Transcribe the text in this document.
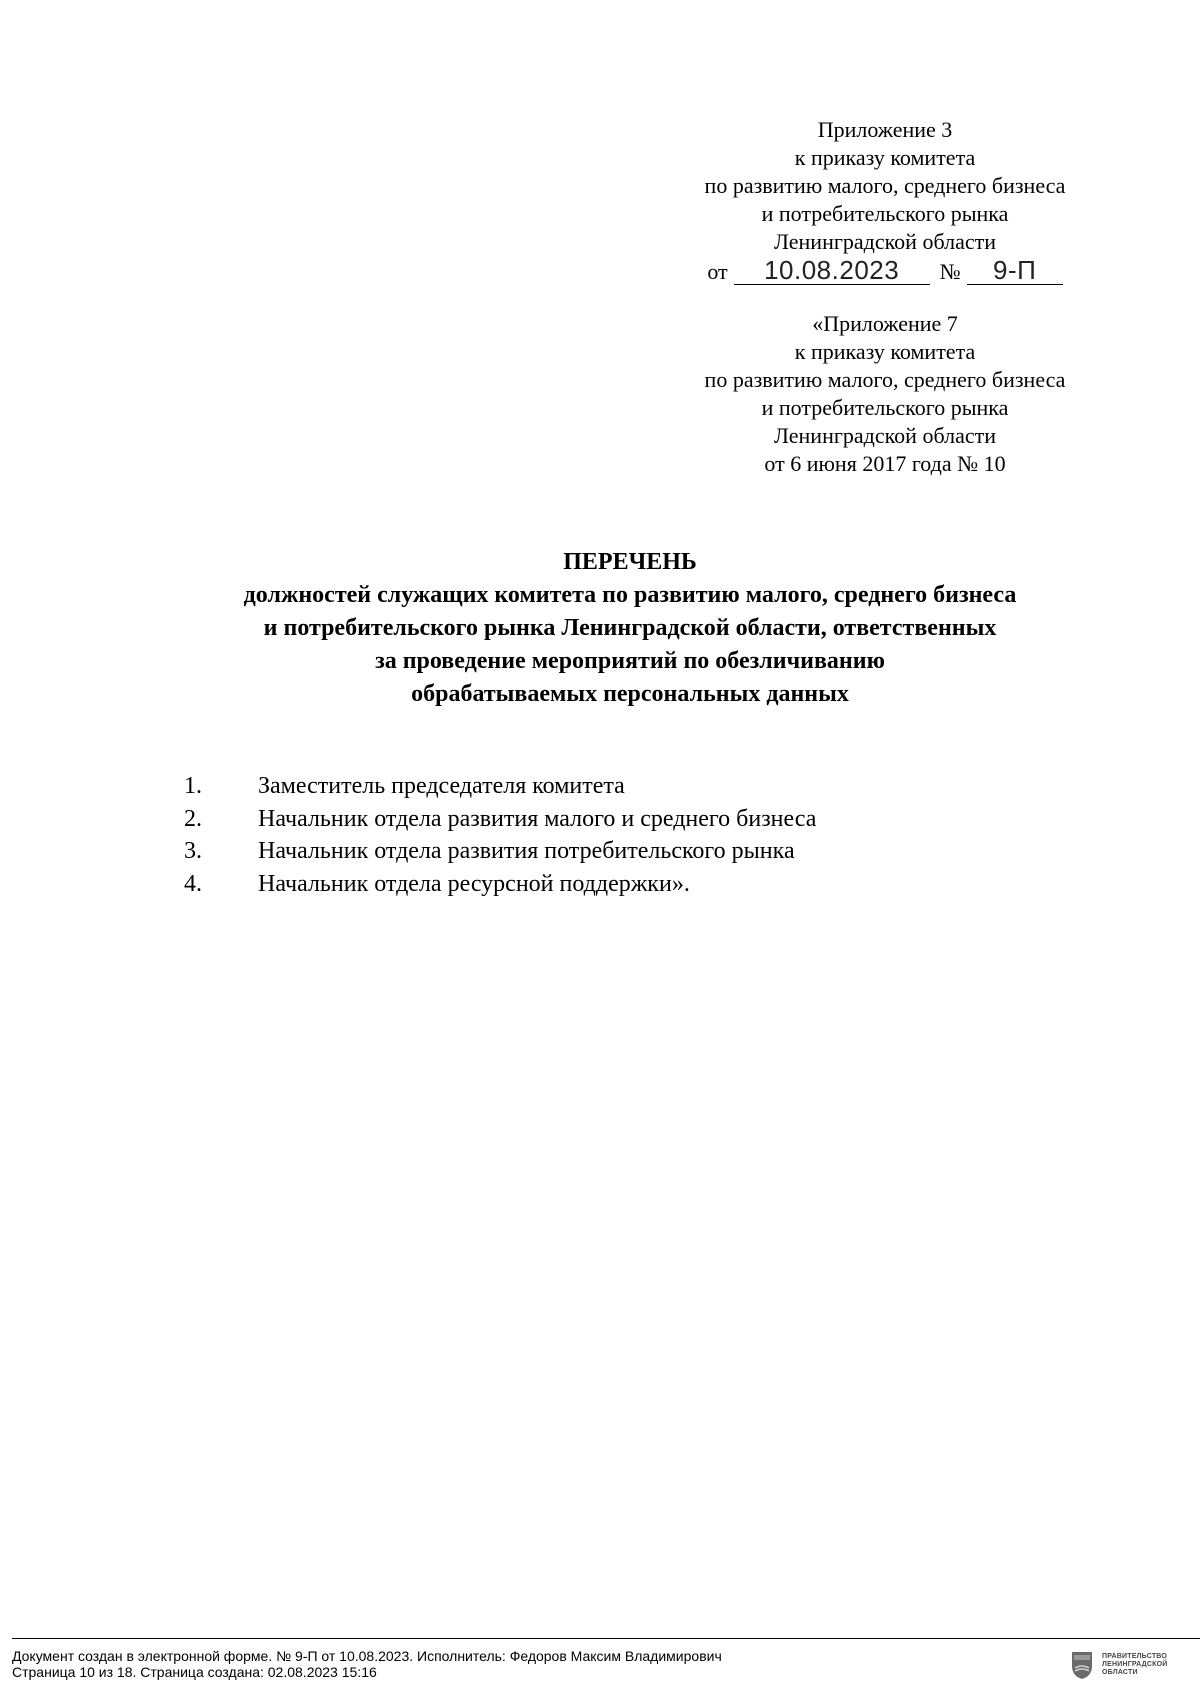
Приложение 3
к приказу комитета
по развитию малого, среднего бизнеса
и потребительского рынка
Ленинградской области
от 10.08.2023 № 9-П
«Приложение 7
к приказу комитета
по развитию малого, среднего бизнеса
и потребительского рынка
Ленинградской области
от 6 июня 2017 года № 10
ПЕРЕЧЕНЬ
должностей служащих комитета по развитию малого, среднего бизнеса
и потребительского рынка Ленинградской области, ответственных
за проведение мероприятий по обезличиванию
обрабатываемых персональных данных
1.	Заместитель председателя комитета
2.	Начальник отдела развития малого и среднего бизнеса
3.	Начальник отдела развития потребительского рынка
4.	Начальник отдела ресурсной поддержки».
Документ создан в электронной форме. № 9-П от 10.08.2023. Исполнитель: Федоров Максим Владимирович
Страница 10 из 18. Страница создана: 02.08.2023 15:16
ПРАВИТЕЛЬСТВО
ЛЕНИНГРАДСКОЙ
ОБЛАСТИ
